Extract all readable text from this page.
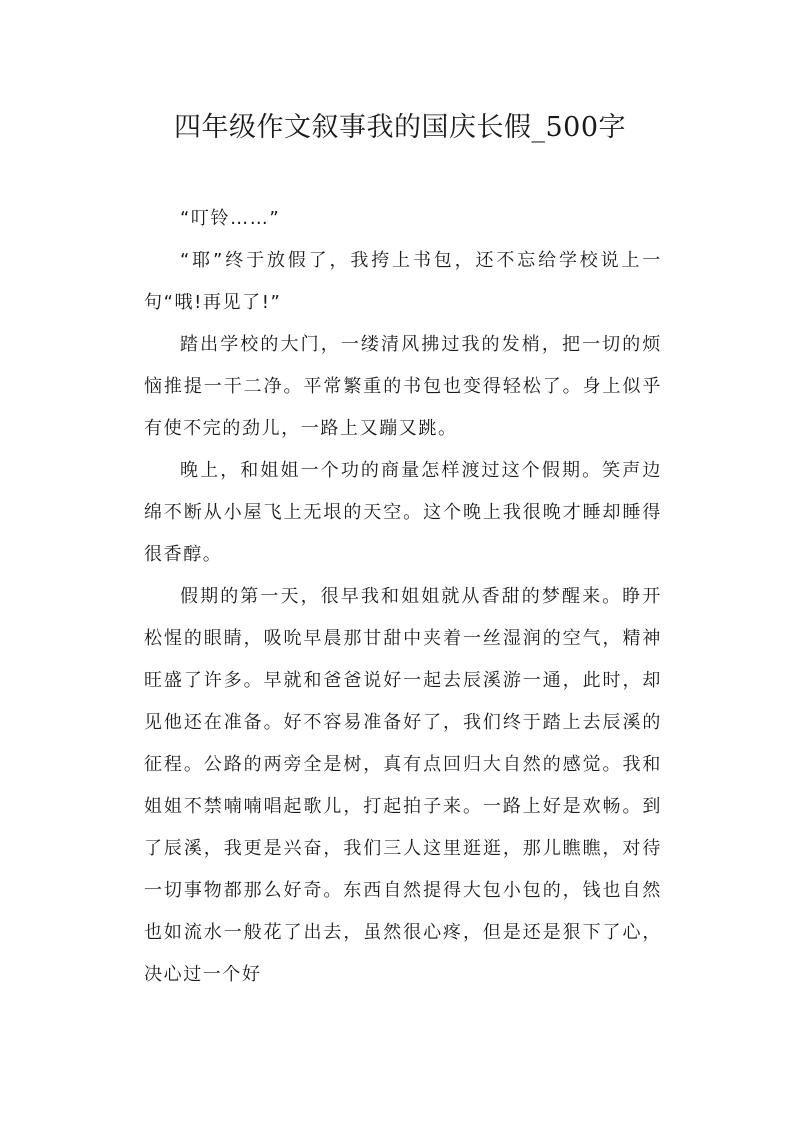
四年级作文叙事我的国庆长假_500字

“叮铃……”

“耶”终于放假了，我挎上书包，还不忘给学校说上一句“哦!再见了!”

踏出学校的大门，一缕清风拂过我的发梢，把一切的烦恼推提一干二净。平常繁重的书包也变得轻松了。身上似乎有使不完的劲儿，一路上又蹦又跳。

晚上，和姐姐一个功的商量怎样渡过这个假期。笑声边绵不断从小屋飞上无垠的天空。这个晚上我很晚才睡却睡得很香醇。

假期的第一天，很早我和姐姐就从香甜的梦醒来。睁开松惺的眼睛，吸吮早晨那甘甜中夹着一丝湿润的空气，精神旺盛了许多。早就和爸爸说好一起去辰溪游一通，此时，却见他还在准备。好不容易准备好了，我们终于踏上去辰溪的征程。公路的两旁全是树，真有点回归大自然的感觉。我和姐姐不禁喃喃唱起歌儿，打起拍子来。一路上好是欢畅。到了辰溪，我更是兴奋，我们三人这里逛逛，那儿瞧瞧，对待一切事物都那么好奇。东西自然提得大包小包的，钱也自然也如流水一般花了出去，虽然很心疼，但是还是狠下了心，决心过一个好
